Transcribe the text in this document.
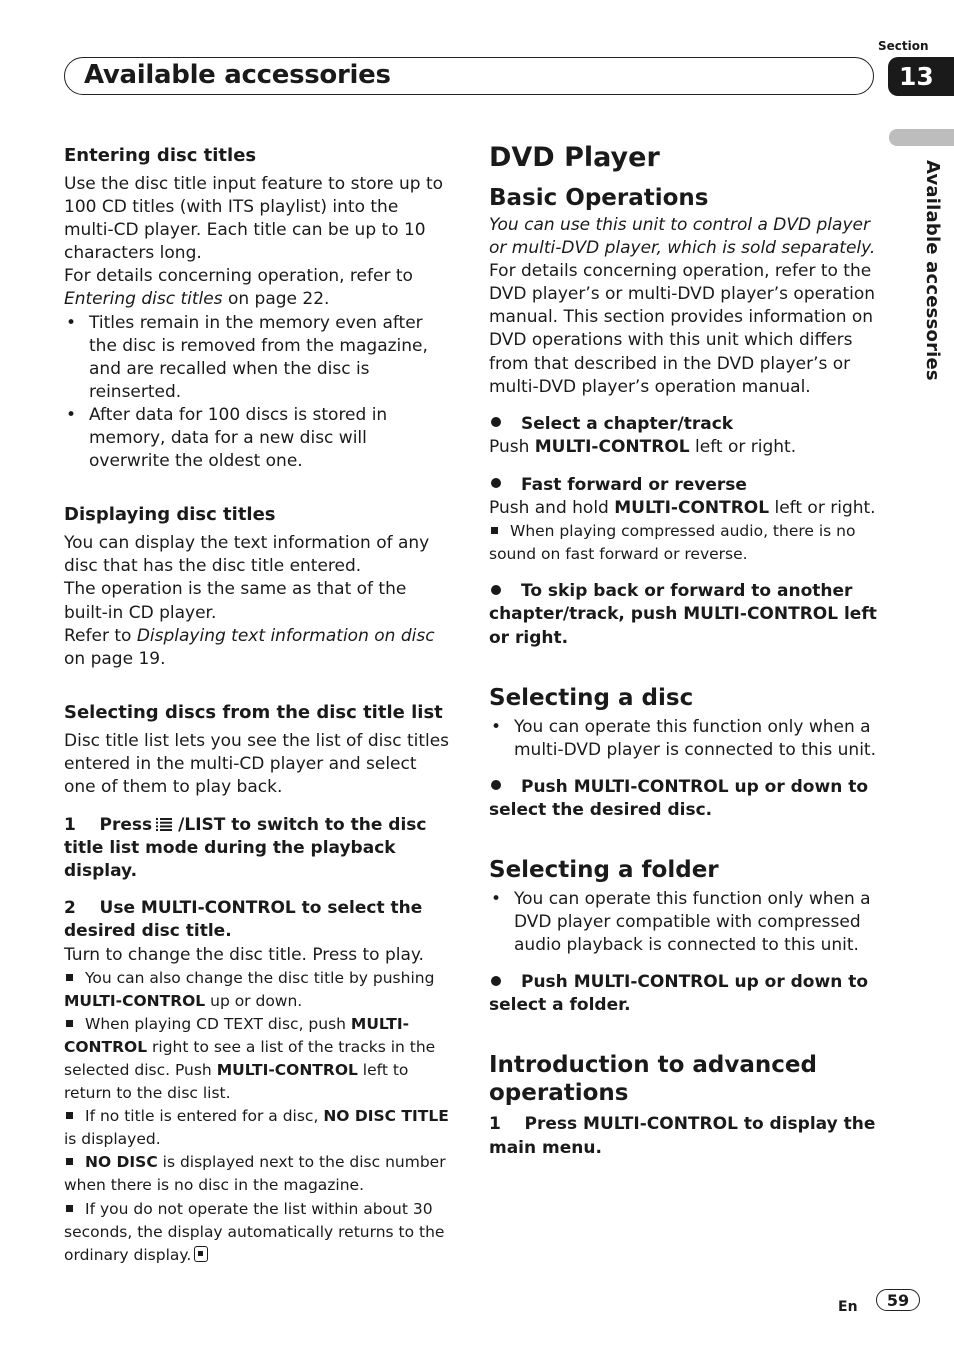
Available accessories
Section
13
Available accessories

Entering disc titles

Use the disc title input feature to store up to 100 CD titles (with ITS playlist) into the multi-CD player. Each title can be up to 10 characters long.

For details concerning operation, refer to Entering disc titles on page 22.

• Titles remain in the memory even after the disc is removed from the magazine, and are recalled when the disc is reinserted.

• After data for 100 discs is stored in memory, data for a new disc will overwrite the oldest one.

Displaying disc titles

You can display the text information of any disc that has the disc title entered.

The operation is the same as that of the built-in CD player.

Refer to Displaying text information on disc on page 19.

Selecting discs from the disc title list

Disc title list lets you see the list of disc titles entered in the multi-CD player and select one of them to play back.

1 Press /LIST to switch to the disc title list mode during the playback display.

2 Use MULTI-CONTROL to select the desired disc title.

Turn to change the disc title. Press to play.

You can also change the disc title by pushing MULTI-CONTROL up or down.

When playing CD TEXT disc, push MULTI-CONTROL right to see a list of the tracks in the selected disc. Push MULTI-CONTROL left to return to the disc list.

If no title is entered for a disc, NO DISC TITLE is displayed.

NO DISC is displayed next to the disc number when there is no disc in the magazine.

If you do not operate the list within about 30 seconds, the display automatically returns to the ordinary display.

DVD Player

Basic Operations

You can use this unit to control a DVD player or multi-DVD player, which is sold separately.

For details concerning operation, refer to the DVD player’s or multi-DVD player’s operation manual. This section provides information on DVD operations with this unit which differs from that described in the DVD player’s or multi-DVD player’s operation manual.

Select a chapter/track

Push MULTI-CONTROL left or right.

Fast forward or reverse

Push and hold MULTI-CONTROL left or right.

When playing compressed audio, there is no sound on fast forward or reverse.

To skip back or forward to another chapter/track, push MULTI-CONTROL left or right.

Selecting a disc

• You can operate this function only when a multi-DVD player is connected to this unit.

Push MULTI-CONTROL up or down to select the desired disc.

Selecting a folder

• You can operate this function only when a DVD player compatible with compressed audio playback is connected to this unit.

Push MULTI-CONTROL up or down to select a folder.

Introduction to advanced operations

1 Press MULTI-CONTROL to display the main menu.

En	59
